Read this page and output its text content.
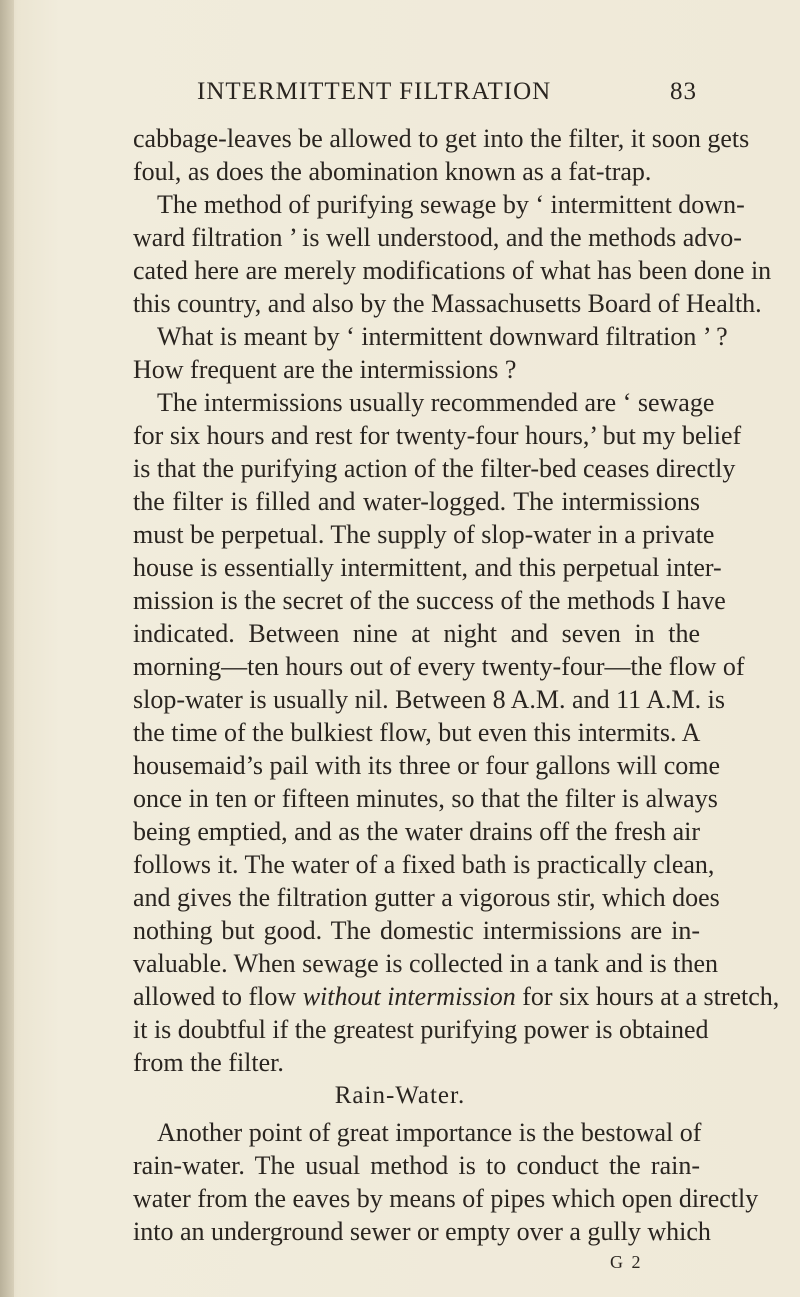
INTERMITTENT FILTRATION	83
cabbage-leaves be allowed to get into the filter, it soon gets
foul, as does the abomination known as a fat-trap.
The method of purifying sewage by ‘ intermittent down-
ward filtration ’ is well understood, and the methods advo-
cated here are merely modifications of what has been done in
this country, and also by the Massachusetts Board of Health.
What is meant by ‘ intermittent downward filtration ’ ?
How frequent are the intermissions ?
The intermissions usually recommended are ‘ sewage
for six hours and rest for twenty-four hours,’ but my belief
is that the purifying action of the filter-bed ceases directly
the filter is filled and water-logged. The intermissions
must be perpetual. The supply of slop-water in a private
house is essentially intermittent, and this perpetual inter-
mission is the secret of the success of the methods I have
indicated. Between nine at night and seven in the
morning—ten hours out of every twenty-four—the flow of
slop-water is usually nil. Between 8 A.M. and 11 A.M. is
the time of the bulkiest flow, but even this intermits. A
housemaid’s pail with its three or four gallons will come
once in ten or fifteen minutes, so that the filter is always
being emptied, and as the water drains off the fresh air
follows it. The water of a fixed bath is practically clean,
and gives the filtration gutter a vigorous stir, which does
nothing but good. The domestic intermissions are in-
valuable. When sewage is collected in a tank and is then
allowed to flow without intermission for six hours at a stretch,
it is doubtful if the greatest purifying power is obtained
from the filter.
Another point of great importance is the bestowal of
rain-water. The usual method is to conduct the rain-
water from the eaves by means of pipes which open directly
into an underground sewer or empty over a gully which
Rain-Water.
G 2
